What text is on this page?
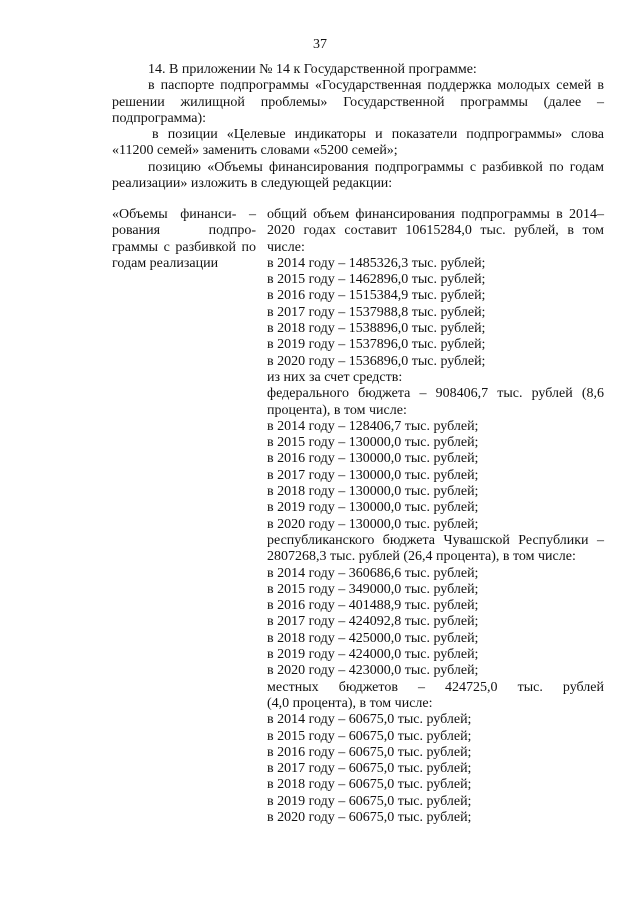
37

14. В приложении № 14 к Государственной программе:

в паспорте подпрограммы «Государственная поддержка молодых семей в решении жилищной проблемы» Государственной программы (далее – подпрограмма):

в позиции «Целевые индикаторы и показатели подпрограммы» слова «11200 семей» заменить словами «5200 семей»;

позицию «Объемы финансирования подпрограммы с разбивкой по годам реализации» изложить в следующей редакции:

«Объемы финанси- – рования подпро- граммы с разбивкой по годам реализации
общий объем финансирования подпрограммы в 2014–2020 годах составит 10615284,0 тыс. рублей, в том числе:
в 2014 году – 1485326,3 тыс. рублей;
в 2015 году – 1462896,0 тыс. рублей;
в 2016 году – 1515384,9 тыс. рублей;
в 2017 году – 1537988,8 тыс. рублей;
в 2018 году – 1538896,0 тыс. рублей;
в 2019 году – 1537896,0 тыс. рублей;
в 2020 году – 1536896,0 тыс. рублей;
из них за счет средств:
федерального бюджета – 908406,7 тыс. рублей (8,6 процента), в том числе:
в 2014 году – 128406,7 тыс. рублей;
в 2015 году – 130000,0 тыс. рублей;
в 2016 году – 130000,0 тыс. рублей;
в 2017 году – 130000,0 тыс. рублей;
в 2018 году – 130000,0 тыс. рублей;
в 2019 году – 130000,0 тыс. рублей;
в 2020 году – 130000,0 тыс. рублей;
республиканского бюджета Чувашской Республики – 2807268,3 тыс. рублей (26,4 процента), в том числе:
в 2014 году – 360686,6 тыс. рублей;
в 2015 году – 349000,0 тыс. рублей;
в 2016 году – 401488,9 тыс. рублей;
в 2017 году – 424092,8 тыс. рублей;
в 2018 году – 425000,0 тыс. рублей;
в 2019 году – 424000,0 тыс. рублей;
в 2020 году – 423000,0 тыс. рублей;
местных бюджетов – 424725,0 тыс. рублей
(4,0 процента), в том числе:
в 2014 году – 60675,0 тыс. рублей;
в 2015 году – 60675,0 тыс. рублей;
в 2016 году – 60675,0 тыс. рублей;
в 2017 году – 60675,0 тыс. рублей;
в 2018 году – 60675,0 тыс. рублей;
в 2019 году – 60675,0 тыс. рублей;
в 2020 году – 60675,0 тыс. рублей;
